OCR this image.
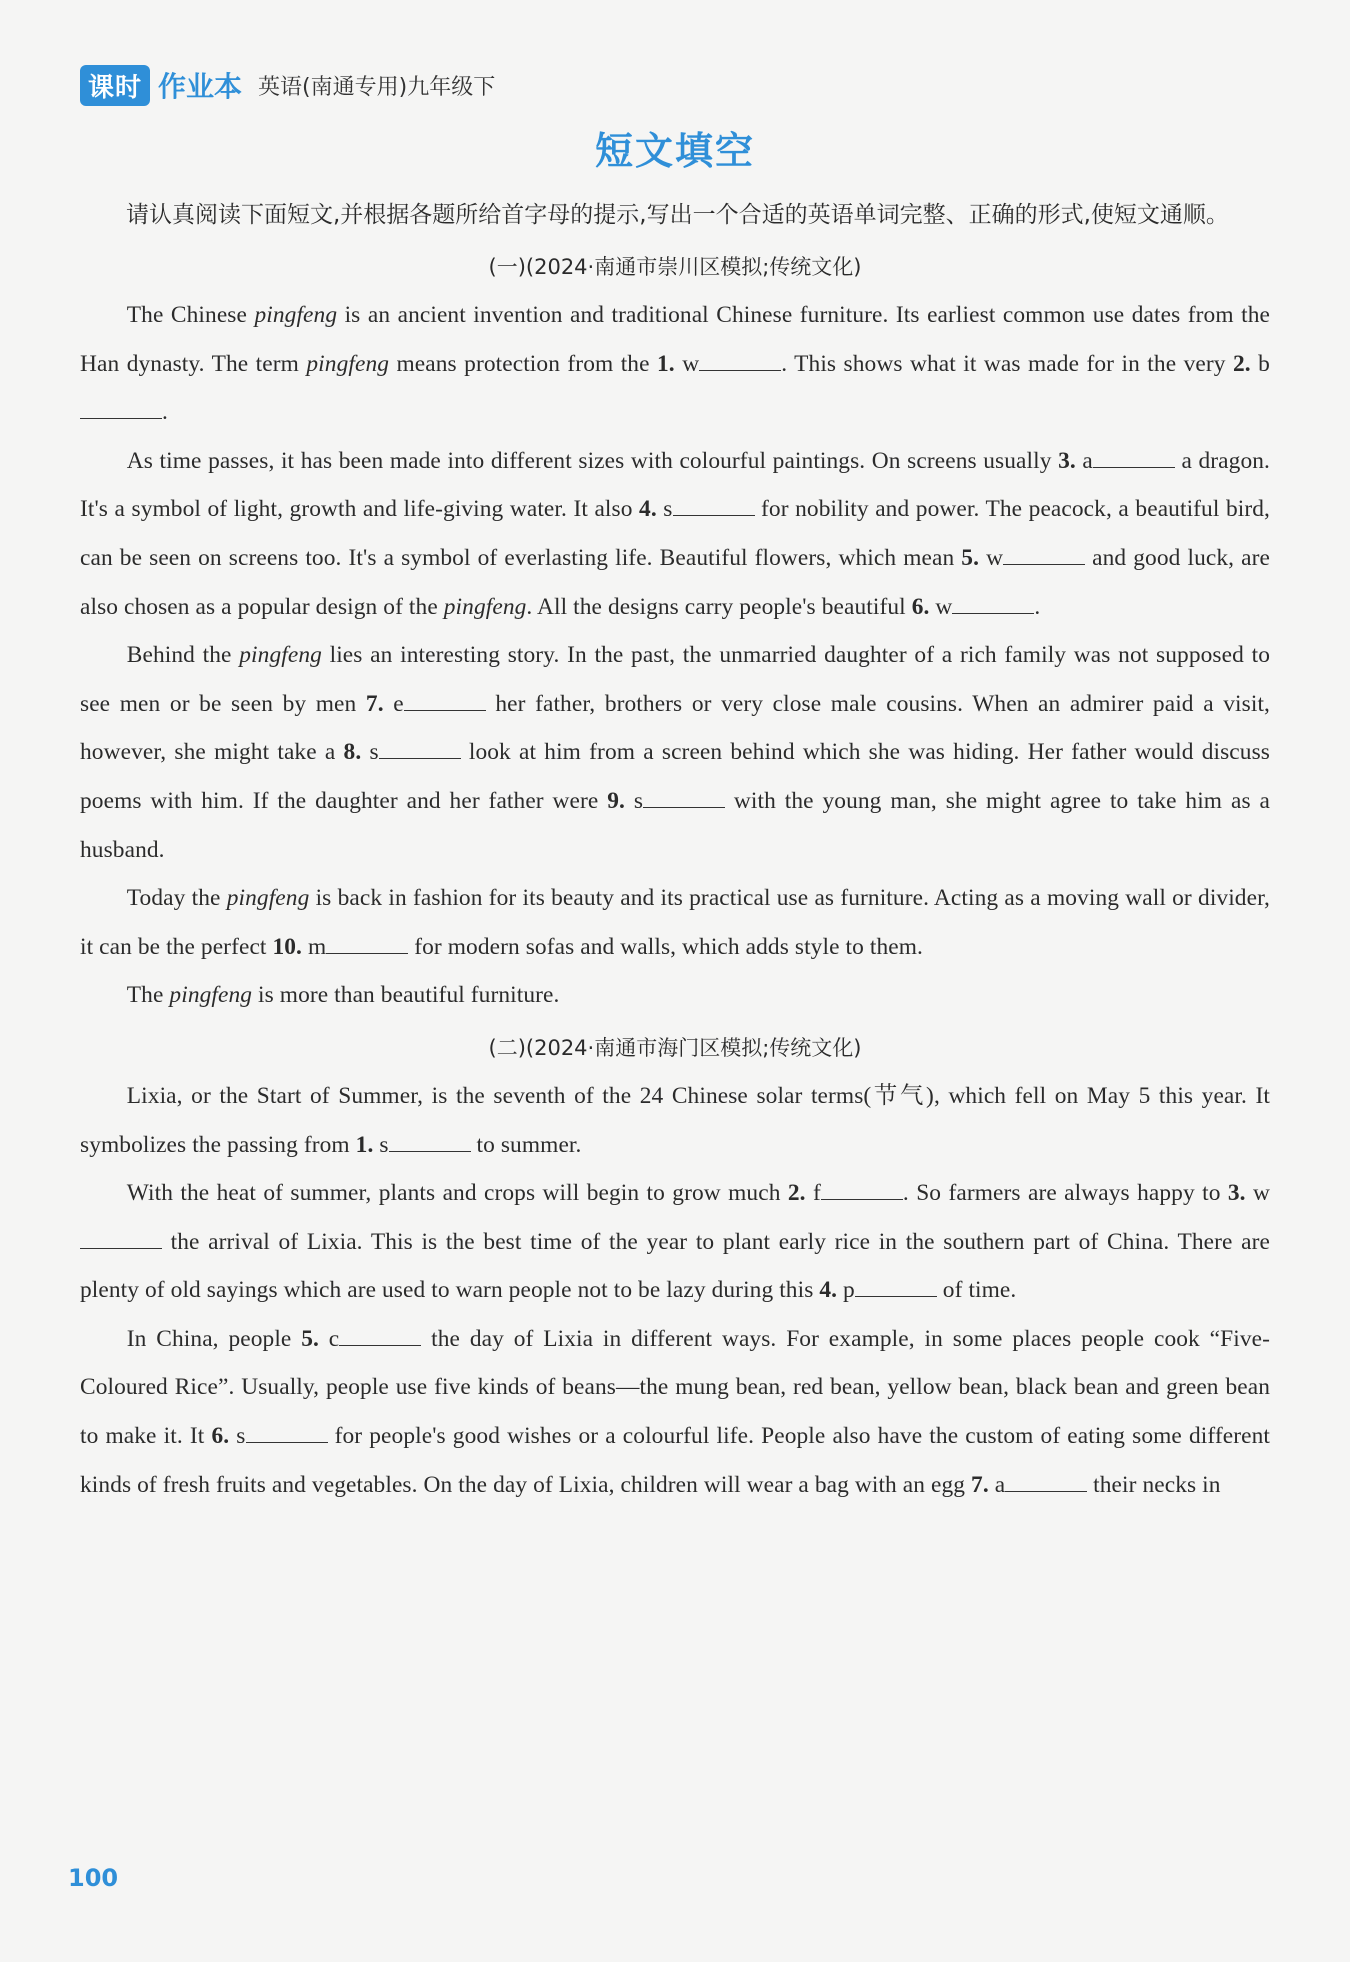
课时 作业本 英语(南通专用)九年级下
短文填空

请认真阅读下面短文,并根据各题所给首字母的提示,写出一个合适的英语单词完整、正确的形式,使短文通顺。

(一)(2024·南通市崇川区模拟;传统文化)

The Chinese pingfeng is an ancient invention and traditional Chinese furniture. Its earliest common use dates from the Han dynasty. The term pingfeng means protection from the 1. w	. This shows what it was made for in the very 2. b.

As time passes, it has been made into different sizes with colourful paintings. On screens usually 3. a	a dragon. It's a symbol of light, growth and life-giving water. It also 4. s	for nobility and power. The peacock, a beautiful bird, can be seen on screens too. It's a symbol of everlasting life. Beautiful flowers, which mean 5. w	and good luck, are also chosen as a popular design of the pingfeng. All the designs carry people's beautiful 6. w	.

Behind the pingfeng lies an interesting story. In the past, the unmarried daughter of a rich family was not supposed to see men or be seen by men 7. e	her father, brothers or very close male cousins. When an admirer paid a visit, however, she might take a 8. s	look at him from a screen behind which she was hiding. Her father would discuss poems with him. If the daughter and her father were 9. s	with the young man, she might agree to take him as a husband.

Today the pingfeng is back in fashion for its beauty and its practical use as furniture. Acting as a moving wall or divider, it can be the perfect 10. m	for modern sofas and walls, which adds style to them.

The pingfeng is more than beautiful furniture.

(二)(2024·南通市海门区模拟;传统文化)

Lixia, or the Start of Summer, is the seventh of the 24 Chinese solar terms(节气), which fell on May 5 this year. It symbolizes the passing from 1. s	to summer.

With the heat of summer, plants and crops will begin to grow much 2. f	. So farmers are always happy to 3. w the arrival of Lixia. This is the best time of the year to plant early rice in the southern part of China. There are plenty of old sayings which are used to warn people not to be lazy during this 4. p	of time.

In China, people 5. c	the day of Lixia in different ways. For example, in some places people cook “Five-Coloured Rice”. Usually, people use five kinds of beans—the mung bean, red bean, yellow bean, black bean and green bean to make it. It 6. s	for people's good wishes or a colourful life. People also have the custom of eating some different kinds of fresh fruits and vegetables. On the day of Lixia, children will wear a bag with an egg 7. a	their necks in

100
